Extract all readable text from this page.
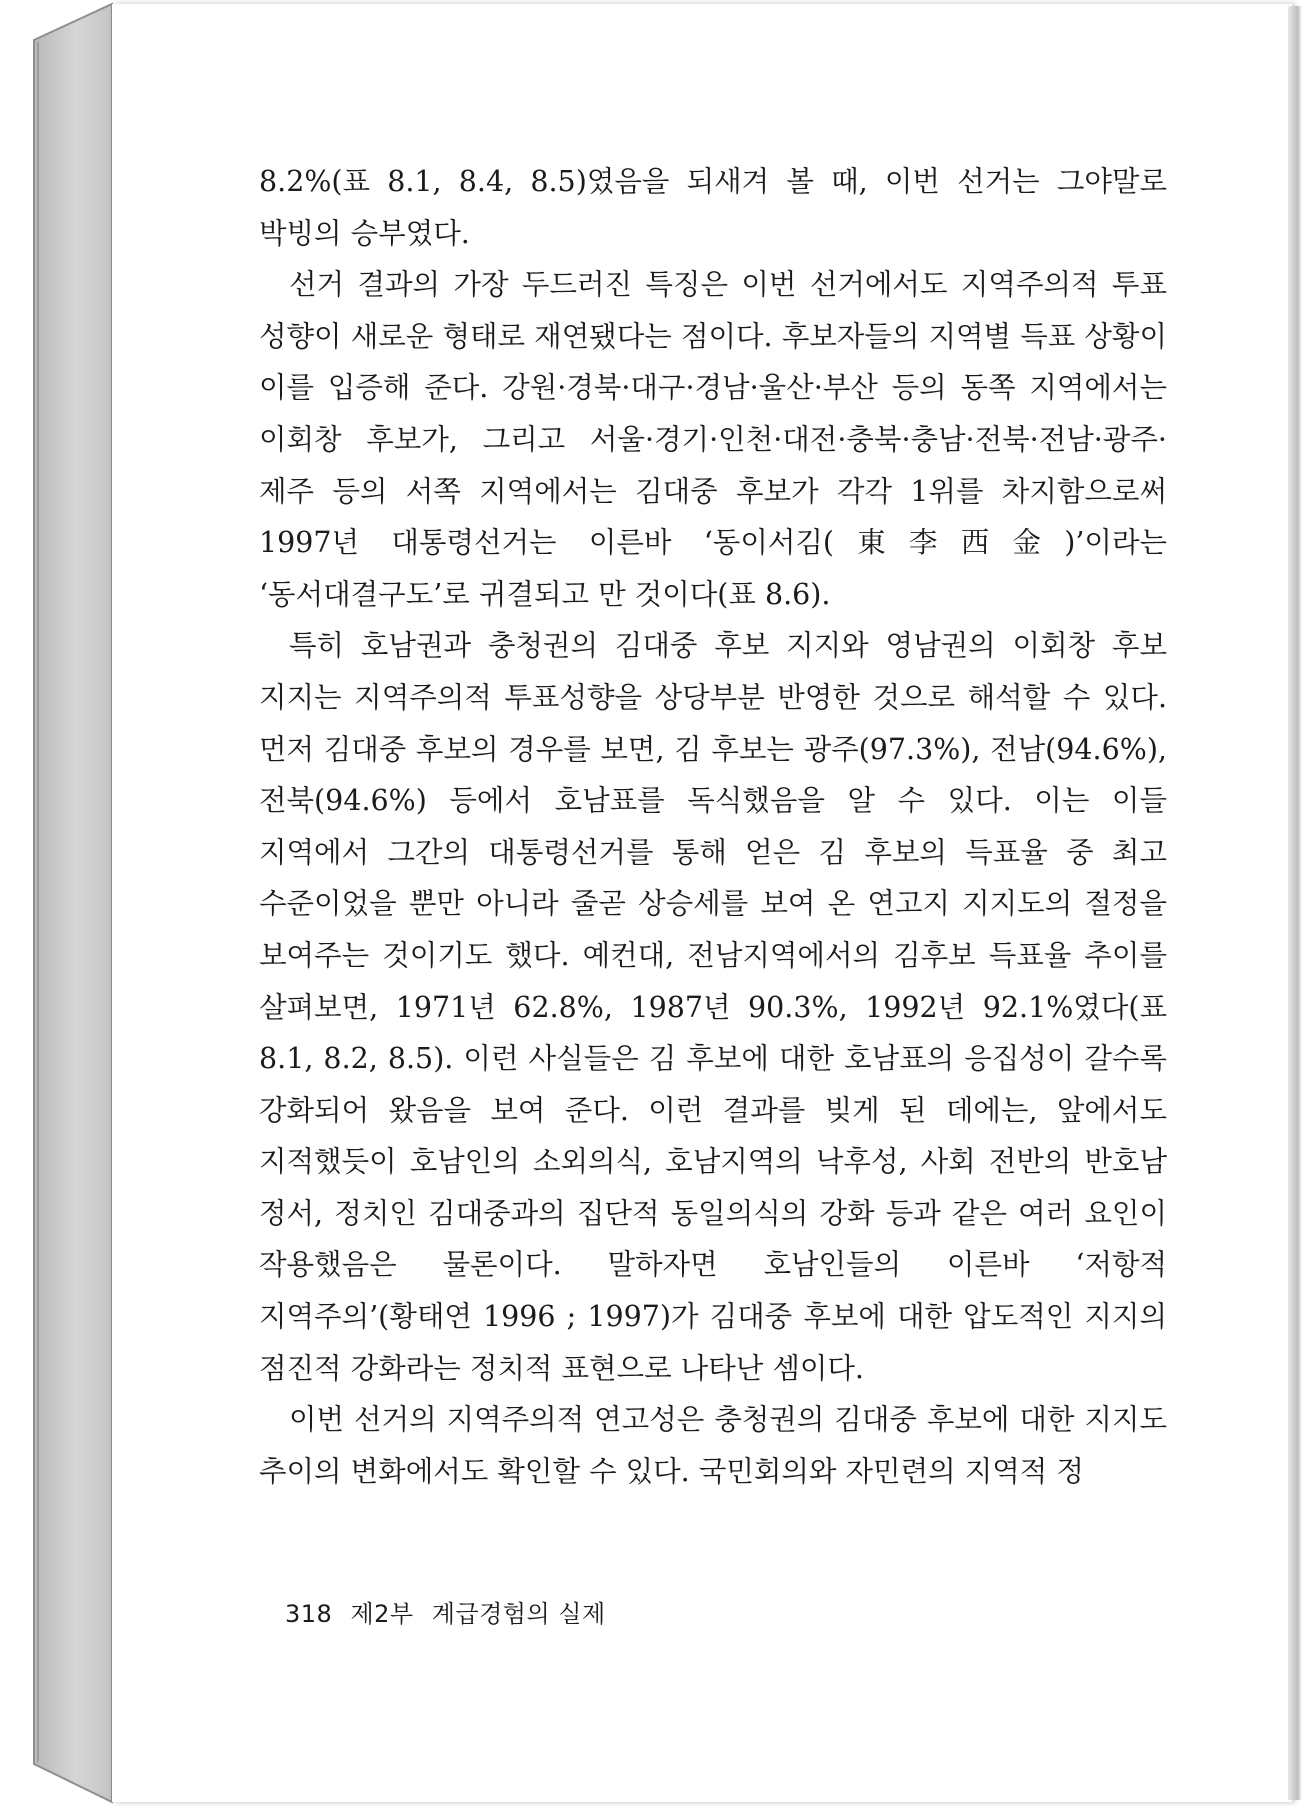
8.2%(표 8.1, 8.4, 8.5)였음을 되새겨 볼 때, 이번 선거는 그야말로 박빙의 승부였다.

선거 결과의 가장 두드러진 특징은 이번 선거에서도 지역주의적 투표 성향이 새로운 형태로 재연됐다는 점이다. 후보자들의 지역별 득표 상황이 이를 입증해 준다. 강원·경북·대구·경남·울산·부산 등의 동쪽 지역에서는 이회창 후보가, 그리고 서울·경기·인천·대전·충북·충남·전북·전남·광주·제주 등의 서쪽 지역에서는 김대중 후보가 각각 1위를 차지함으로써 1997년 대통령선거는 이른바 ‘동이서김(東李西金)’이라는 ‘동서대결구도’로 귀결되고 만 것이다(표 8.6).

특히 호남권과 충청권의 김대중 후보 지지와 영남권의 이회창 후보 지지는 지역주의적 투표성향을 상당부분 반영한 것으로 해석할 수 있다. 먼저 김대중 후보의 경우를 보면, 김 후보는 광주(97.3%), 전남(94.6%), 전북(94.6%) 등에서 호남표를 독식했음을 알 수 있다. 이는 이들 지역에서 그간의 대통령선거를 통해 얻은 김 후보의 득표율 중 최고 수준이었을 뿐만 아니라 줄곧 상승세를 보여 온 연고지 지지도의 절정을 보여주는 것이기도 했다. 예컨대, 전남지역에서의 김후보 득표율 추이를 살펴보면, 1971년 62.8%, 1987년 90.3%, 1992년 92.1%였다(표 8.1, 8.2, 8.5). 이런 사실들은 김 후보에 대한 호남표의 응집성이 갈수록 강화되어 왔음을 보여 준다. 이런 결과를 빚게 된 데에는, 앞에서도 지적했듯이 호남인의 소외의식, 호남지역의 낙후성, 사회 전반의 반호남 정서, 정치인 김대중과의 집단적 동일의식의 강화 등과 같은 여러 요인이 작용했음은 물론이다. 말하자면 호남인들의 이른바 ‘저항적 지역주의’(황태연 1996 ; 1997)가 김대중 후보에 대한 압도적인 지지의 점진적 강화라는 정치적 표현으로 나타난 셈이다.

이번 선거의 지역주의적 연고성은 충청권의 김대중 후보에 대한 지지도 추이의 변화에서도 확인할 수 있다. 국민회의와 자민련의 지역적 정

318 제2부 계급경험의 실제
